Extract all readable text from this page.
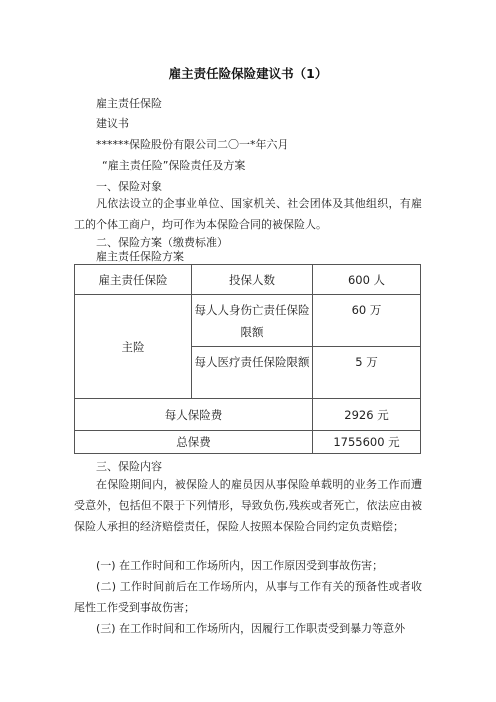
雇主责任险保险建议书（1）
雇主责任保险
建议书
******保险股份有限公司二〇一*年六月
“雇主责任险”保险责任及方案
一、保险对象
凡依法设立的企事业单位、国家机关、社会团体及其他组织，有雇工的个体工商户，均可作为本保险合同的被保险人。
二、保险方案（缴费标准）
雇主责任保险方案
雇主责任保险	投保人数	600 人
主险	每人人身伤亡责任保险限额	60 万
	每人医疗责任保险限额	5 万
每人保险费		2926 元
总保费		1755600 元
三、保险内容
在保险期间内，被保险人的雇员因从事保险单载明的业务工作而遭受意外，包括但不限于下列情形，导致负伤,残疾或者死亡，依法应由被保险人承担的经济赔偿责任，保险人按照本保险合同约定负责赔偿；
(一) 在工作时间和工作场所内，因工作原因受到事故伤害；
(二) 工作时间前后在工作场所内，从事与工作有关的预备性或者收尾性工作受到事故伤害；
(三) 在工作时间和工作场所内，因履行工作职责受到暴力等意外
